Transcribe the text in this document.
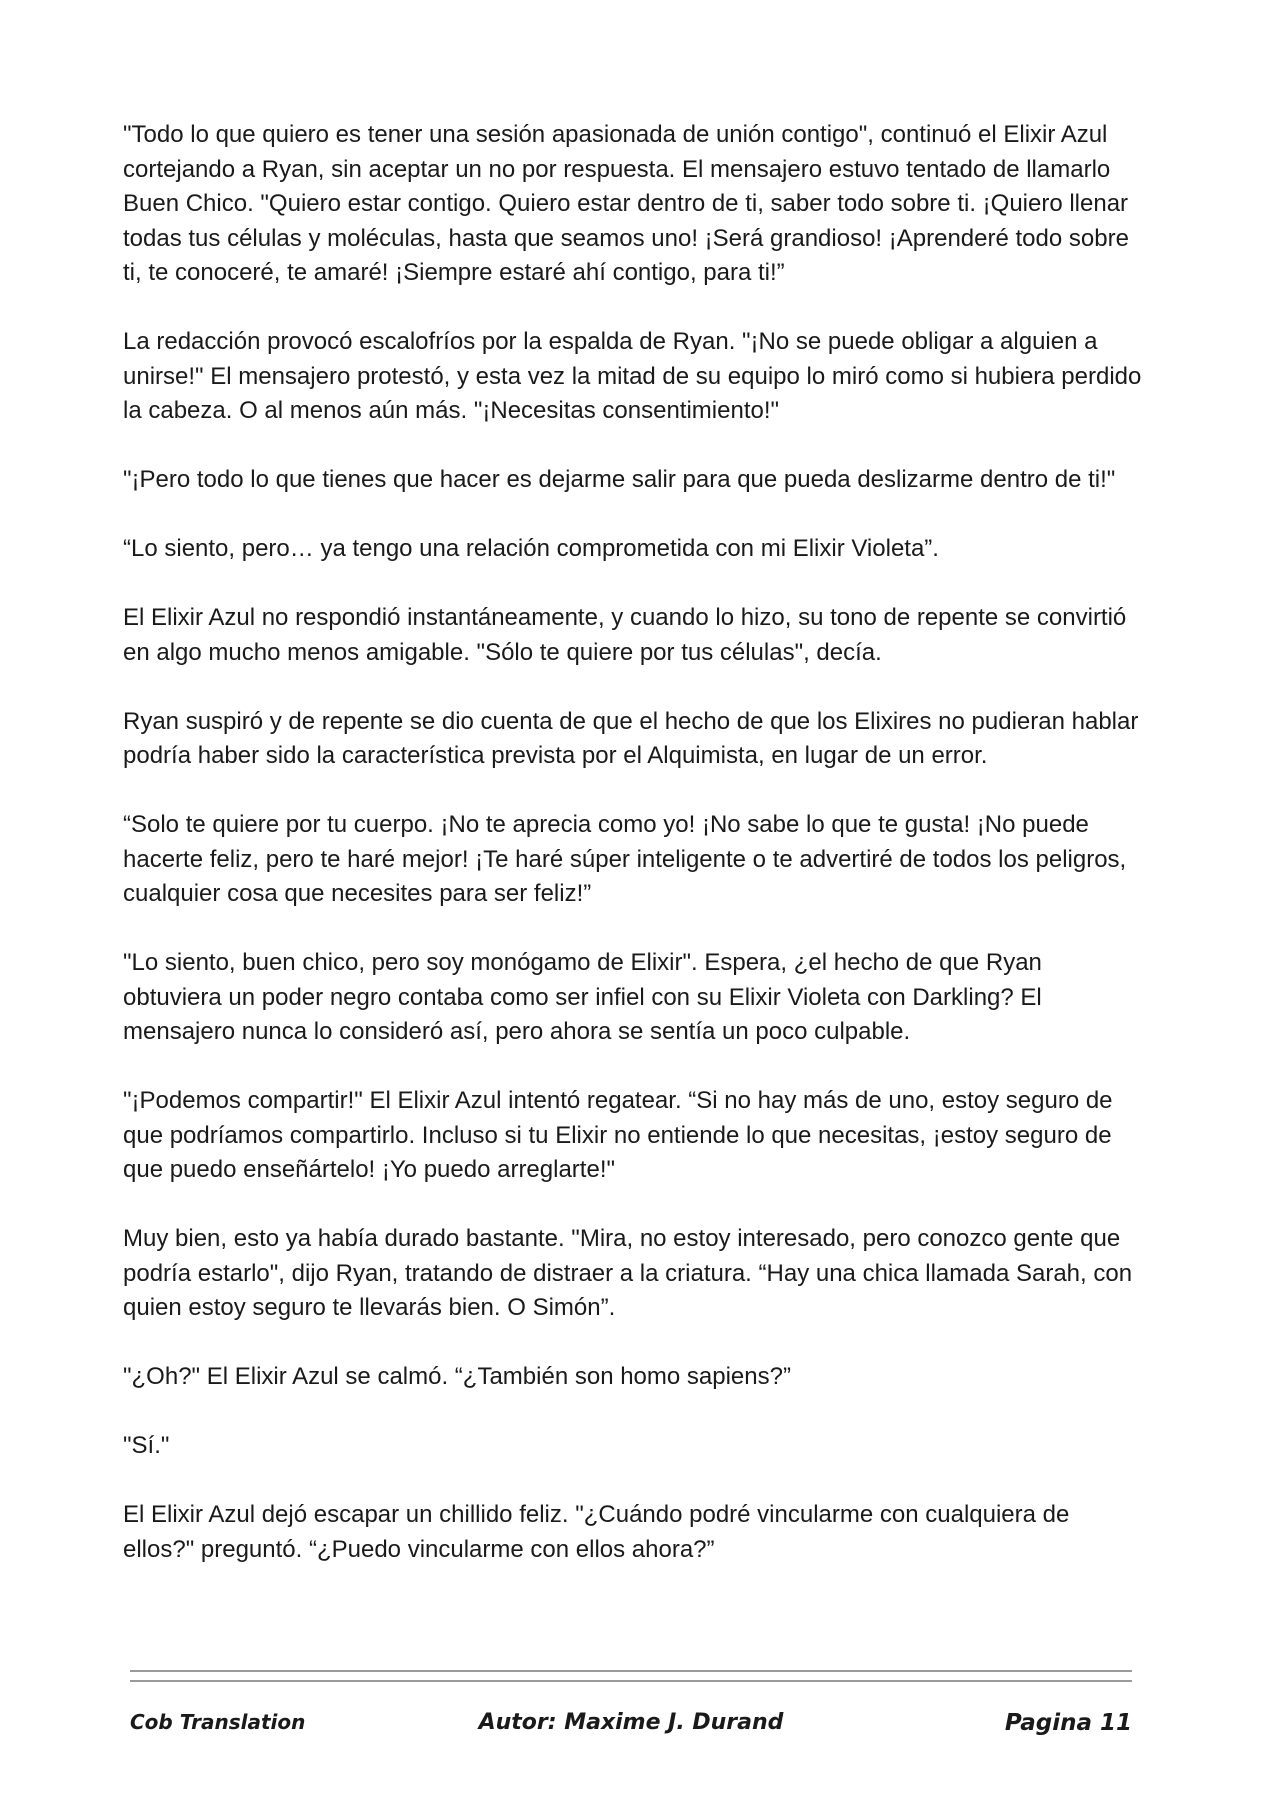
"Todo lo que quiero es tener una sesión apasionada de unión contigo", continuó el Elixir Azul cortejando a Ryan, sin aceptar un no por respuesta. El mensajero estuvo tentado de llamarlo Buen Chico. "Quiero estar contigo. Quiero estar dentro de ti, saber todo sobre ti. ¡Quiero llenar todas tus células y moléculas, hasta que seamos uno! ¡Será grandioso! ¡Aprenderé todo sobre ti, te conoceré, te amaré! ¡Siempre estaré ahí contigo, para ti!”

La redacción provocó escalofríos por la espalda de Ryan. "¡No se puede obligar a alguien a unirse!" El mensajero protestó, y esta vez la mitad de su equipo lo miró como si hubiera perdido la cabeza. O al menos aún más. "¡Necesitas consentimiento!"

"¡Pero todo lo que tienes que hacer es dejarme salir para que pueda deslizarme dentro de ti!"

“Lo siento, pero… ya tengo una relación comprometida con mi Elixir Violeta”.

El Elixir Azul no respondió instantáneamente, y cuando lo hizo, su tono de repente se convirtió en algo mucho menos amigable. "Sólo te quiere por tus células", decía.

Ryan suspiró y de repente se dio cuenta de que el hecho de que los Elixires no pudieran hablar podría haber sido la característica prevista por el Alquimista, en lugar de un error.

“Solo te quiere por tu cuerpo. ¡No te aprecia como yo! ¡No sabe lo que te gusta! ¡No puede hacerte feliz, pero te haré mejor! ¡Te haré súper inteligente o te advertiré de todos los peligros, cualquier cosa que necesites para ser feliz!”

"Lo siento, buen chico, pero soy monógamo de Elixir". Espera, ¿el hecho de que Ryan obtuviera un poder negro contaba como ser infiel con su Elixir Violeta con Darkling? El mensajero nunca lo consideró así, pero ahora se sentía un poco culpable.

"¡Podemos compartir!" El Elixir Azul intentó regatear. “Si no hay más de uno, estoy seguro de que podríamos compartirlo. Incluso si tu Elixir no entiende lo que necesitas, ¡estoy seguro de que puedo enseñártelo! ¡Yo puedo arreglarte!"

Muy bien, esto ya había durado bastante. "Mira, no estoy interesado, pero conozco gente que podría estarlo", dijo Ryan, tratando de distraer a la criatura. “Hay una chica llamada Sarah, con quien estoy seguro te llevarás bien. O Simón”.

"¿Oh?" El Elixir Azul se calmó. “¿También son homo sapiens?”

"Sí."

El Elixir Azul dejó escapar un chillido feliz. "¿Cuándo podré vincularme con cualquiera de ellos?" preguntó. “¿Puedo vincularme con ellos ahora?”

Cob Translation	Autor: Maxime J. Durand	Pagina 11
